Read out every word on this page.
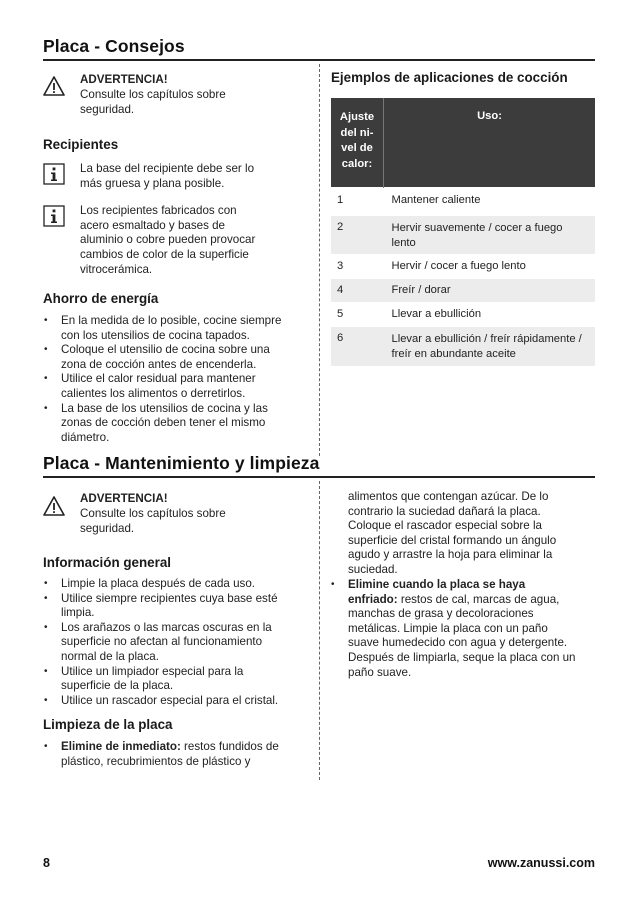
Placa - Consejos
ADVERTENCIA!
Consulte los capítulos sobre
seguridad.
Recipientes
La base del recipiente debe ser lo
más gruesa y plana posible.
Los recipientes fabricados con
acero esmaltado y bases de
aluminio o cobre pueden provocar
cambios de color de la superficie
vitrocerámica.
Ahorro de energía
• En la medida de lo posible, cocine siempre
con los utensilios de cocina tapados.
• Coloque el utensilio de cocina sobre una
zona de cocción antes de encenderla.
• Utilice el calor residual para mantener
calientes los alimentos o derretirlos.
• La base de los utensilios de cocina y las
zonas de cocción deben tener el mismo
diámetro.
Ejemplos de aplicaciones de cocción
Ajuste
del ni-
vel de
calor:	Uso:
1	Mantener caliente
2	Hervir suavemente / cocer a fuego
lento
3	Hervir / cocer a fuego lento
4	Freír / dorar
5	Llevar a ebullición
6	Llevar a ebullición / freír rápidamente /
freír en abundante aceite
Placa - Mantenimiento y limpieza
ADVERTENCIA!
Consulte los capítulos sobre
seguridad.
Información general
• Limpie la placa después de cada uso.
• Utilice siempre recipientes cuya base esté
limpia.
• Los arañazos o las marcas oscuras en la
superficie no afectan al funcionamiento
normal de la placa.
• Utilice un limpiador especial para la
superficie de la placa.
• Utilice un rascador especial para el cristal.
Limpieza de la placa
• Elimine de inmediato: restos fundidos de
plástico, recubrimientos de plástico y
alimentos que contengan azúcar. De lo
contrario la suciedad dañará la placa.
Coloque el rascador especial sobre la
superficie del cristal formando un ángulo
agudo y arrastre la hoja para eliminar la
suciedad.
• Elimine cuando la placa se haya
enfriado: restos de cal, marcas de agua,
manchas de grasa y decoloraciones
metálicas. Limpie la placa con un paño
suave humedecido con agua y detergente.
Después de limpiarla, seque la placa con un
paño suave.
8	www.zanussi.com
